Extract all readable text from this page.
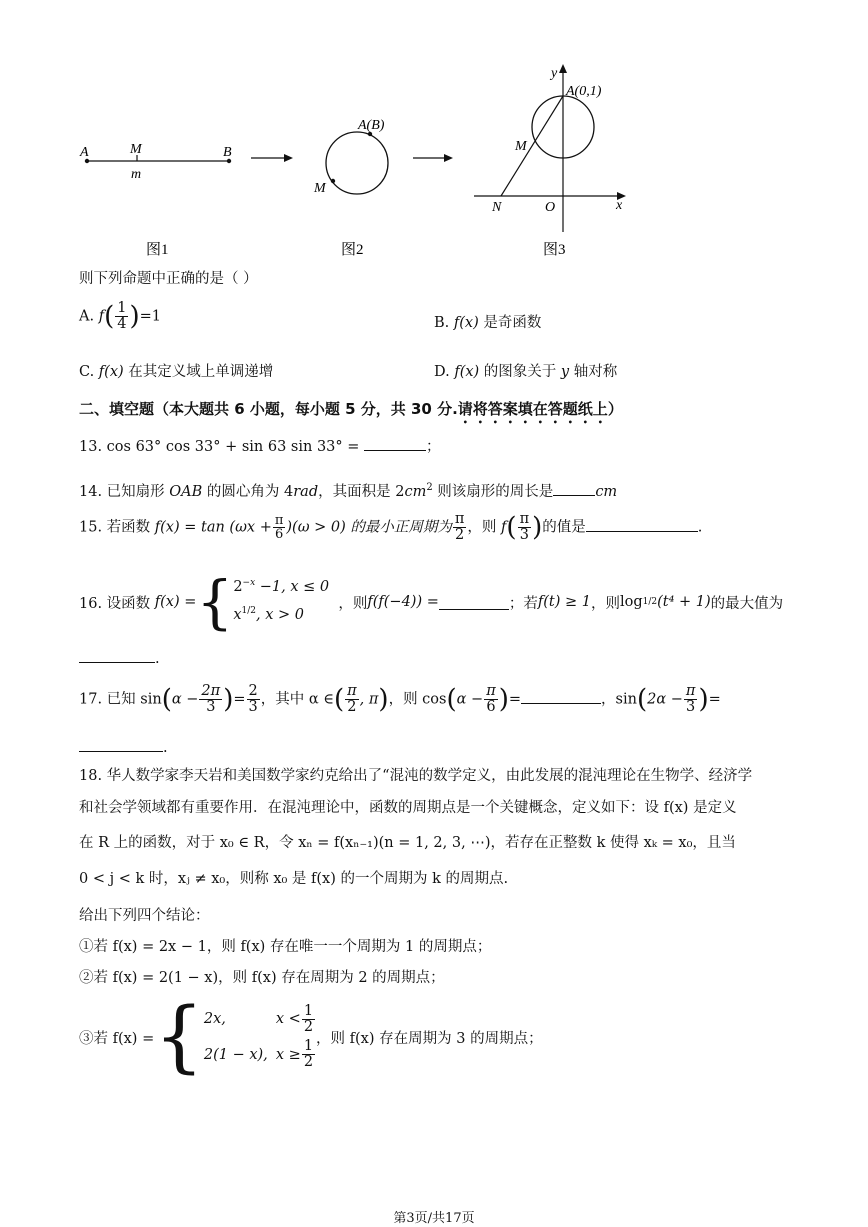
A	M	B
m
A(B)
M
y
A(0,1)
M
N	O	x
图1	图2	图3
则下列命题中正确的是（ ）
A. $f( \frac{1}{4} )=1$	B. f(x) 是奇函数
C. f(x) 在其定义域上单调递增	D. f(x) 的图象关于 y 轴对称
二、填空题（本大题共 6 小题，每小题 5 分，共 30 分.请将答案填在答题纸上）
13. cos 63° cos 33° + sin 63 sin 33° =	；
14. 已知扇形 OAB 的圆心角为 4rad，其面积是 $2cm^2$ 则该扇形的周长是	cm
15. 若函数 $f(x) = \tan (\omega x + \frac{\pi}{6} )(\omega > 0)$ 的最小正周期为 $\frac{\pi}{2}$ ，则 $f( \frac{\pi}{3}$ )的值是	.
16. 设函数
f(x) = { $2^{-x} -1$, x ≤ 0
$x^{1/2}$, x > 0

，则 f(f(−4)) =	；若 f(t) ≥ 1 ，则 log 1/2 (t⁴ + 1) 的最大值为
.
17. 已知 $\sin(\alpha - \frac{2\pi}{3}$ )= $\frac{2}{3}$ ，其中 α ∈( $\frac{\pi}{2}$ , π)，则 $\cos(\alpha - \frac{\pi}{6}$ )=	，$\sin(2\alpha - \frac{\pi}{3}$ )=
.
18. 华人数学家李天岩和美国数学家约克给出了“混沌的数学定义，由此发展的混沌理论在生物学、经济学
和社会学领域都有重要作用．在混沌理论中，函数的周期点是一个关键概念，定义如下：设 f(x) 是定义
在 R 上的函数，对于 x₀ ∈ R，令 xₙ = f(xₙ₋₁)(n = 1, 2, 3, ⋯)，若存在正整数 k 使得 xₖ = x₀，且当
0 < j < k 时，xⱼ ≠ x₀，则称 x₀ 是 f(x) 的一个周期为 k 的周期点.
给出下列四个结论：
①若 f(x) = 2x − 1，则 f(x) 存在唯一一个周期为 1 的周期点；
②若 f(x) = 2(1 − x)，则 f(x) 存在周期为 2 的周期点；
③若 f(x) = { 2x,	$x < \frac{1}{2}$
2(1 − x), $x \ge \frac{1}{2}$
，则 f(x) 存在周期为 3 的周期点；
第3页/共17页
